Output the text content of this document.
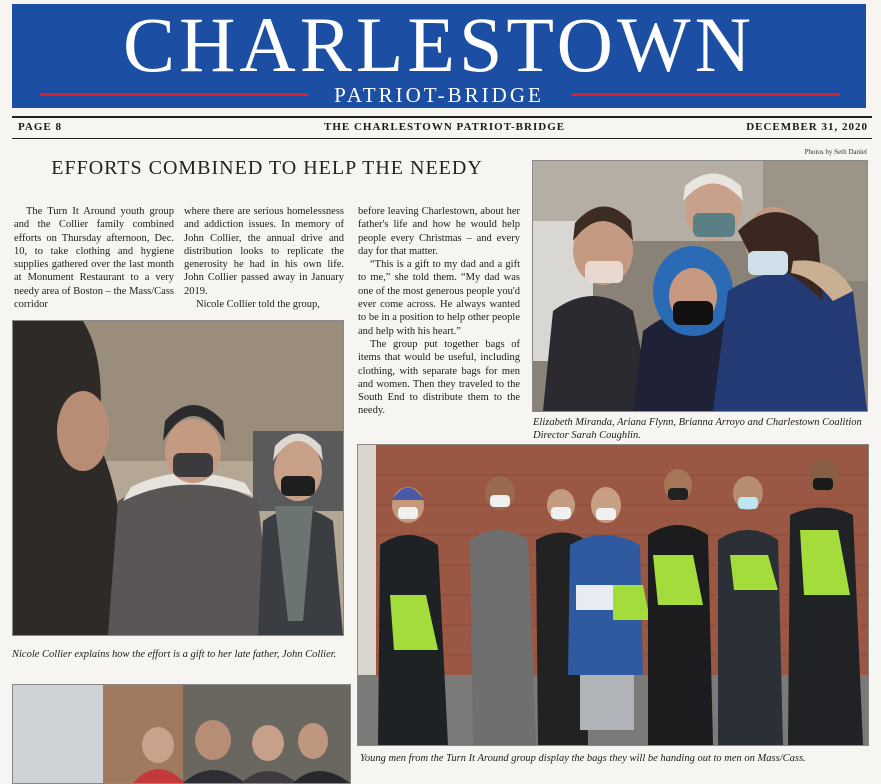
CHARLESTOWN
PATRIOT-BRIDGE
PAGE 8	THE CHARLESTOWN PATRIOT-BRIDGE	DECEMBER 31, 2020
Photos by Seth Daniel
EFFORTS COMBINED TO HELP THE NEEDY

The Turn It Around youth group and the Collier family combined efforts on Thursday afternoon, Dec. 10, to take clothing and hygiene supplies gathered over the last month at Monument Restaurant to a very needy area of Boston – the Mass/Cass corridor

where there are serious homelessness and addiction issues. In memory of John Collier, the annual drive and distribution looks to replicate the generosity he had in his own life. John Collier passed away in January 2019.

Nicole Collier told the group,

before leaving Charlestown, about her father's life and how he would help people every Christmas – and every day for that matter.

“This is a gift to my dad and a gift to me,” she told them. “My dad was one of the most generous people you'd ever come across. He always wanted to be in a position to help other people and help with his heart.”

The group put together bags of items that would be useful, including clothing, with separate bags for men and women. Then they traveled to the South End to distribute them to the needy.

Elizabeth Miranda, Ariana Flynn, Brianna Arroyo and Charlestown Coalition Director Sarah Coughlin.
Nicole Collier explains how the effort is a gift to her late father, John Collier.
Young men from the Turn It Around group display the bags they will be handing out to men on Mass/Cass.
